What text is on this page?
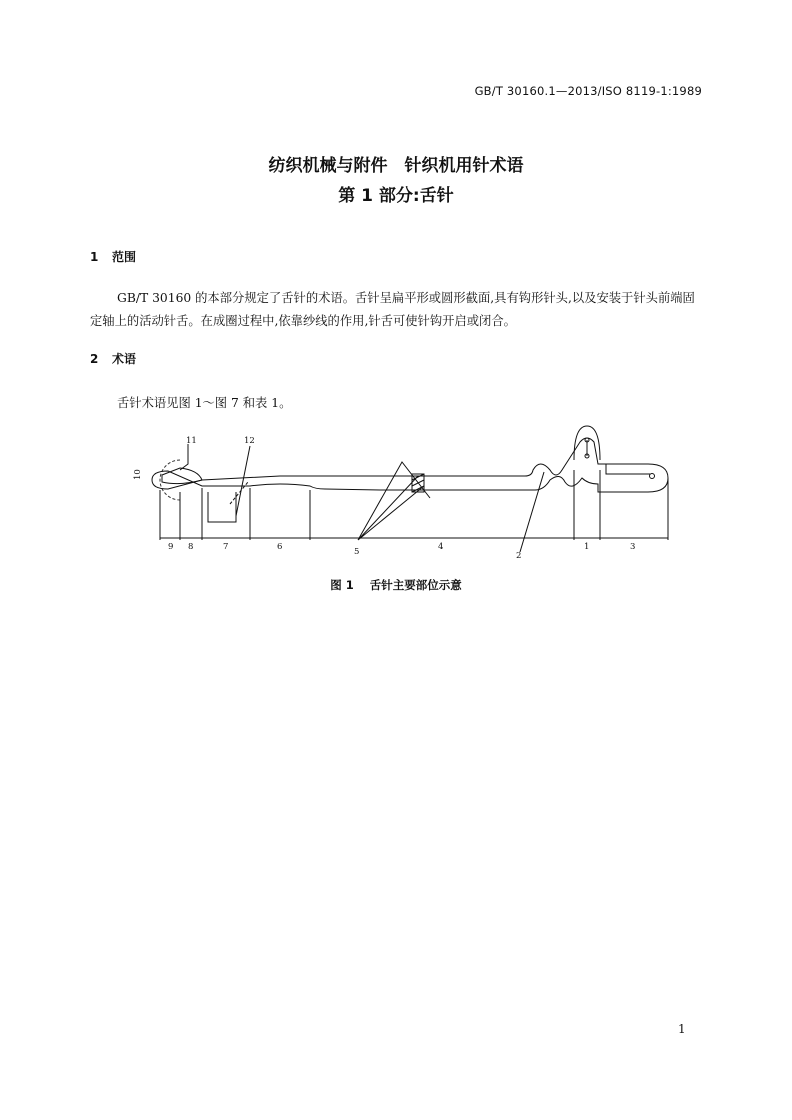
GB/T 30160.1—2013/ISO 8119-1:1989
纺织机械与附件　针织机用针术语
第 1 部分:舌针
1 范围
GB/T 30160 的本部分规定了舌针的术语。舌针呈扁平形或圆形截面,具有钩形针头,以及安装于针头前端固定轴上的活动针舌。在成圈过程中,依靠纱线的作用,针舌可使针钩开启或闭合。
2 术语
舌针术语见图 1～图 7 和表 1。
11	12
10
5	2
9 8	7	6	4	1	3
图 1 舌针主要部位示意
1
